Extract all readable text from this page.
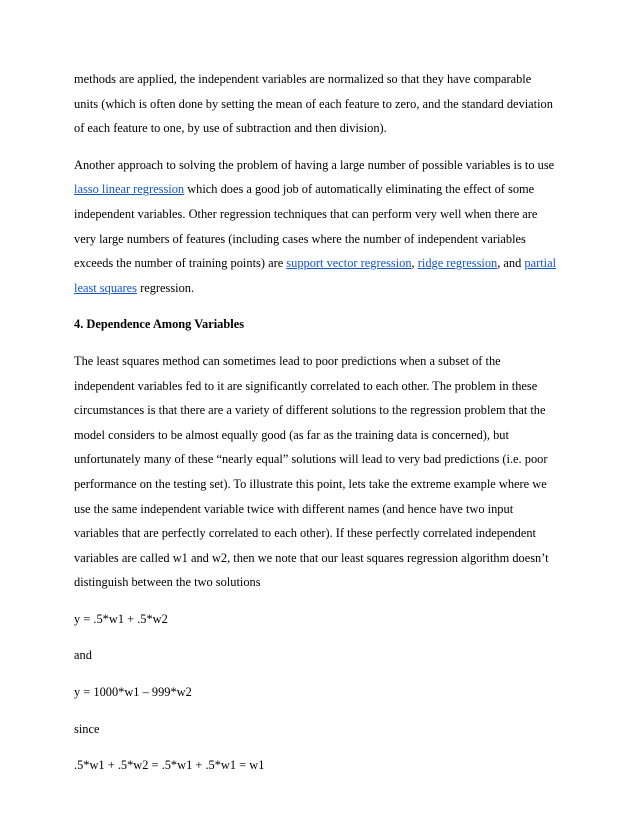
methods are applied, the independent variables are normalized so that they have comparable
units (which is often done by setting the mean of each feature to zero, and the standard deviation
of each feature to one, by use of subtraction and then division).
Another approach to solving the problem of having a large number of possible variables is to use
lasso linear regression which does a good job of automatically eliminating the effect of some
independent variables. Other regression techniques that can perform very well when there are
very large numbers of features (including cases where the number of independent variables
exceeds the number of training points) are support vector regression, ridge regression, and partial
least squares regression.
4. Dependence Among Variables
The least squares method can sometimes lead to poor predictions when a subset of the
independent variables fed to it are significantly correlated to each other. The problem in these
circumstances is that there are a variety of different solutions to the regression problem that the
model considers to be almost equally good (as far as the training data is concerned), but
unfortunately many of these “nearly equal” solutions will lead to very bad predictions (i.e. poor
performance on the testing set). To illustrate this point, lets take the extreme example where we
use the same independent variable twice with different names (and hence have two input
variables that are perfectly correlated to each other). If these perfectly correlated independent
variables are called w1 and w2, then we note that our least squares regression algorithm doesn’t
distinguish between the two solutions
y = .5*w1 + .5*w2
and
y = 1000*w1 – 999*w2
since
.5*w1 + .5*w2 = .5*w1 + .5*w1 = w1
